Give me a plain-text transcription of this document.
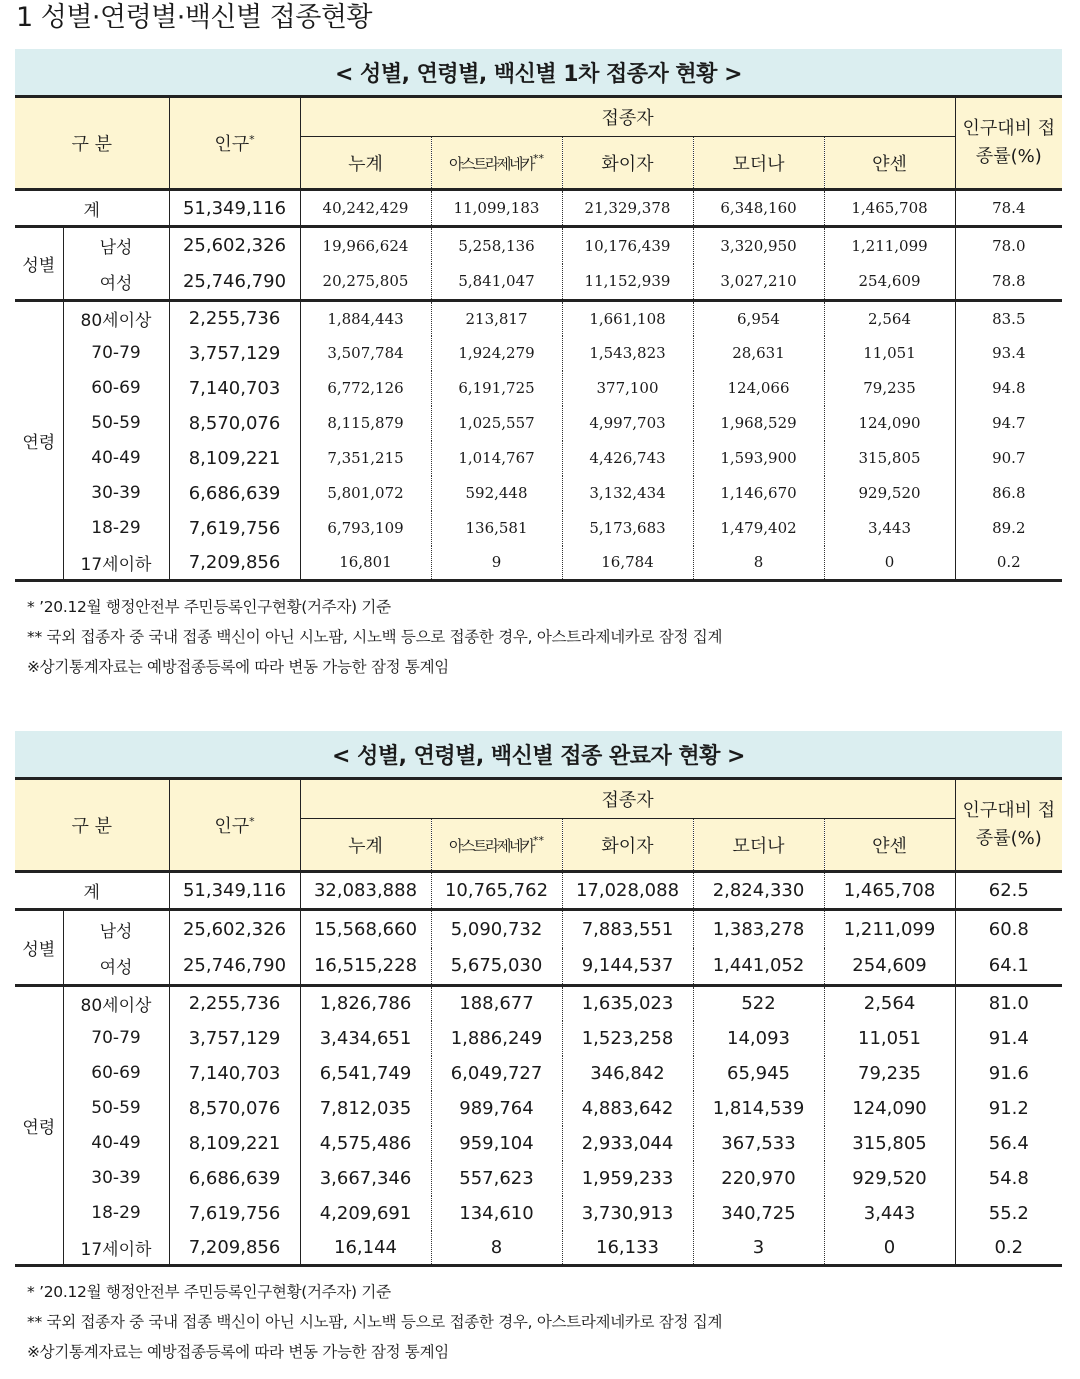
1 성별·연령별·백신별 접종현황
< 성별, 연령별, 백신별 1차 접종자 현황 >
구 분		인구*	접종자					인구대비 접
종률(%)

			누계	아스트라제네카**	화이자	모더나	얀센	
계		51,349,116	40,242,429	11,099,183	21,329,378	6,348,160	1,465,708	78.4
성별	남성	25,602,326	19,966,624	5,258,136	10,176,439	3,320,950	1,211,099	78.0
	여성	25,746,790	20,275,805	5,841,047	11,152,939	3,027,210	254,609	78.8
연령	80세이상	2,255,736	1,884,443	213,817	1,661,108	6,954	2,564	83.5
	70-79	3,757,129	3,507,784	1,924,279	1,543,823	28,631	11,051	93.4
	60-69	7,140,703	6,772,126	6,191,725	377,100	124,066	79,235	94.8
	50-59	8,570,076	8,115,879	1,025,557	4,997,703	1,968,529	124,090	94.7
	40-49	8,109,221	7,351,215	1,014,767	4,426,743	1,593,900	315,805	90.7
	30-39	6,686,639	5,801,072	592,448	3,132,434	1,146,670	929,520	86.8
	18-29	7,619,756	6,793,109	136,581	5,173,683	1,479,402	3,443	89.2
	17세이하	7,209,856	16,801	9	16,784	8	0	0.2
* ’20.12월 행정안전부 주민등록인구현황(거주자) 기준
** 국외 접종자 중 국내 접종 백신이 아닌 시노팜, 시노백 등으로 접종한 경우, 아스트라제네카로 잠정 집계
※상기통계자료는 예방접종등록에 따라 변동 가능한 잠정 통계임
< 성별, 연령별, 백신별 접종 완료자 현황 >
구 분		인구*	접종자					인구대비 접
종률(%)

			누계	아스트라제네카**	화이자	모더나	얀센	
계		51,349,116	32,083,888	10,765,762	17,028,088	2,824,330	1,465,708	62.5
성별	남성	25,602,326	15,568,660	5,090,732	7,883,551	1,383,278	1,211,099	60.8
	여성	25,746,790	16,515,228	5,675,030	9,144,537	1,441,052	254,609	64.1
연령	80세이상	2,255,736	1,826,786	188,677	1,635,023	522	2,564	81.0
	70-79	3,757,129	3,434,651	1,886,249	1,523,258	14,093	11,051	91.4
	60-69	7,140,703	6,541,749	6,049,727	346,842	65,945	79,235	91.6
	50-59	8,570,076	7,812,035	989,764	4,883,642	1,814,539	124,090	91.2
	40-49	8,109,221	4,575,486	959,104	2,933,044	367,533	315,805	56.4
	30-39	6,686,639	3,667,346	557,623	1,959,233	220,970	929,520	54.8
	18-29	7,619,756	4,209,691	134,610	3,730,913	340,725	3,443	55.2
	17세이하	7,209,856	16,144	8	16,133	3	0	0.2
* ’20.12월 행정안전부 주민등록인구현황(거주자) 기준
** 국외 접종자 중 국내 접종 백신이 아닌 시노팜, 시노백 등으로 접종한 경우, 아스트라제네카로 잠정 집계
※상기통계자료는 예방접종등록에 따라 변동 가능한 잠정 통계임
